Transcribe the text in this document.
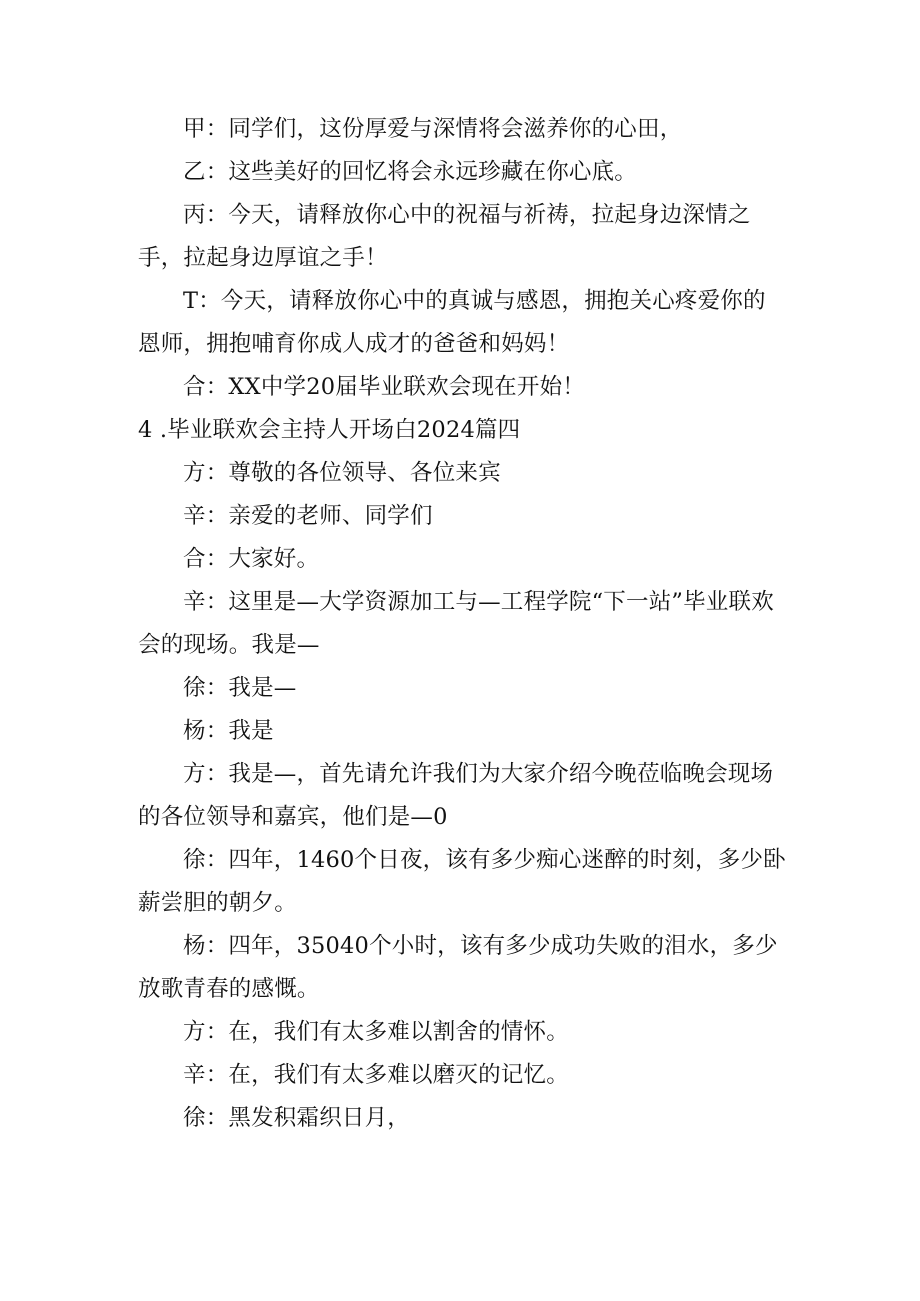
甲：同学们，这份厚爱与深情将会滋养你的心田，

乙：这些美好的回忆将会永远珍藏在你心底。

丙：今天，请释放你心中的祝福与祈祷，拉起身边深情之手，拉起身边厚谊之手！

T：今天，请释放你心中的真诚与感恩，拥抱关心疼爱你的恩师，拥抱哺育你成人成才的爸爸和妈妈！

合：XX中学20届毕业联欢会现在开始！

4 .毕业联欢会主持人开场白2024篇四

方：尊敬的各位领导、各位来宾

辛：亲爱的老师、同学们

合：大家好。

辛：这里是—大学资源加工与—工程学院“下一站”毕业联欢会的现场。我是—

徐：我是—

杨：我是

方：我是—，首先请允许我们为大家介绍今晚莅临晚会现场的各位领导和嘉宾，他们是—0

徐：四年，1460个日夜，该有多少痴心迷醉的时刻，多少卧薪尝胆的朝夕。

杨：四年，35040个小时，该有多少成功失败的泪水，多少放歌青春的感慨。

方：在，我们有太多难以割舍的情怀。

辛：在，我们有太多难以磨灭的记忆。

徐：黑发积霜织日月，
